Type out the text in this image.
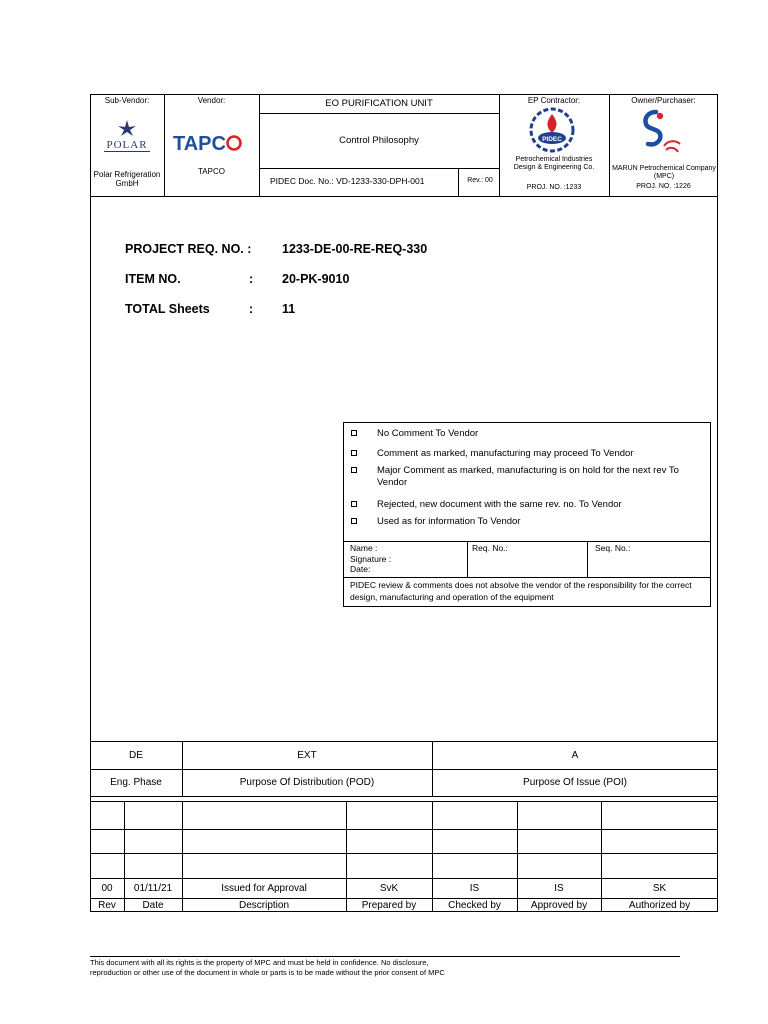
Sub-Vendor:
POLAR
Polar Refrigeration GmbH
Vendor:
TAPC
TAPCO
EO PURIFICATION UNIT
Control Philosophy
PIDEC Doc. No.: VD-1233-330-DPH-001	Rev.: 00
EP Contractor:
PIDEC
Petrochemical Industries Design & Engineering Co.
PROJ. NO. :1233
Owner/Purchaser:
MARUN Petrochemical Company (MPC)
PROJ. NO. :1226
PROJECT REQ. NO. : 1233-DE-00-RE-REQ-330
ITEM NO.	: 20-PK-9010
TOTAL Sheets	: 11
No Comment To Vendor
Comment as marked, manufacturing may proceed To Vendor
Major Comment as marked, manufacturing is on hold for the next rev To Vendor
Rejected, new document with the same rev. no. To Vendor
Used as for information To Vendor
Name :
Signature :
Date:
Req. No.:	Seq. No.:
PIDEC review & comments does not absolve the vendor of the responsibility for the correct design, manufacturing and operation of the equipment
DE	EXT	A
Eng. Phase	Purpose Of Distribution (POD)	Purpose Of Issue (POI)
00	01/11/21	Issued for Approval	SvK	IS	IS	SK
Rev	Date	Description	Prepared by	Checked by	Approved by	Authorized by
This document with all its rights is the property of MPC and must be held in confidence. No disclosure,
reproduction or other use of the document in whole or parts is to be made without the prior consent of MPC
